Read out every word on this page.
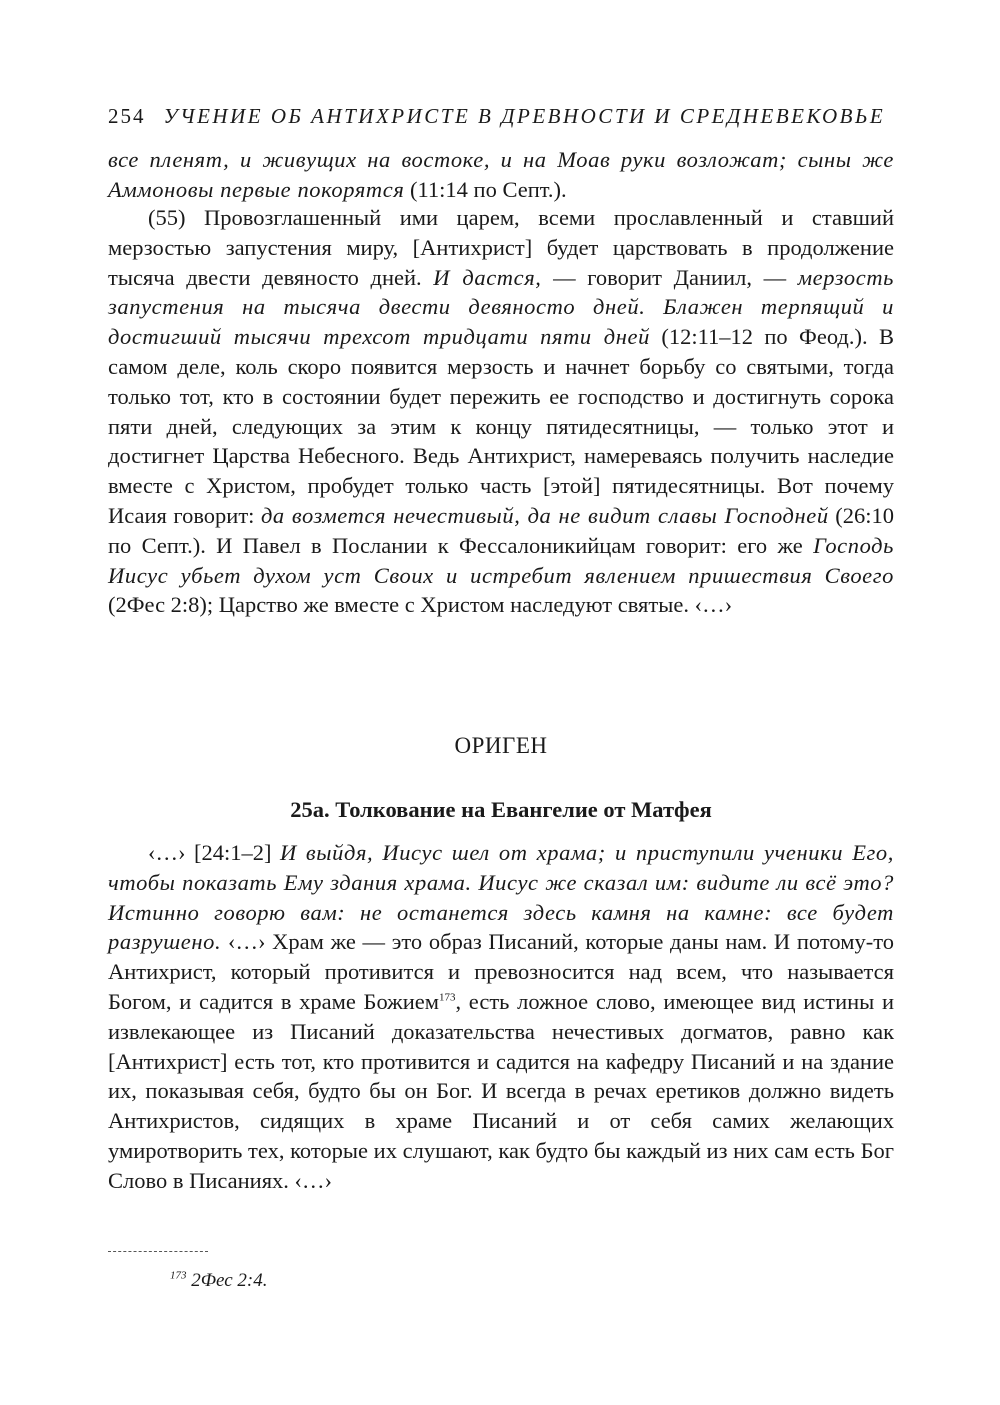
254 УЧЕНИЕ ОБ АНТИХРИСТЕ В ДРЕВНОСТИ И СРЕДНЕВЕКОВЬЕ

все пленят, и живущих на востоке, и на Моав руки возложат; сыны же Аммоновы первые покорятся (11:14 по Септ.).

(55) Провозглашенный ими царем, всеми прославленный и ставший мерзостью запустения миру, [Антихрист] будет царствовать в продолжение тысяча двести девяносто дней. И дастся, — говорит Даниил, — мерзость запустения на тысяча двести девяносто дней. Блажен терпящий и достигший тысячи трехсот тридцати пяти дней (12:11–12 по Феод.). В самом деле, коль скоро появится мерзость и начнет борьбу со святыми, тогда только тот, кто в состоянии будет пережить ее господство и достигнуть сорока пяти дней, следующих за этим к концу пятидесятницы, — только этот и достигнет Царства Небесного. Ведь Антихрист, намереваясь получить наследие вместе с Христом, пробудет только часть [этой] пятидесятницы. Вот почему Исаия говорит: да возмется нечестивый, да не видит славы Господней (26:10 по Септ.). И Павел в Послании к Фессалоникийцам говорит: его же Господь Иисус убьет духом уст Своих и истребит явлением пришествия Своего (2Фес 2:8); Царство же вместе с Христом наследуют святые. ‹…›

ОРИГЕН
25а. Толкование на Евангелие от Матфея

‹…› [24:1–2] И выйдя, Иисус шел от храма; и приступили ученики Его, чтобы показать Ему здания храма. Иисус же сказал им: видите ли всё это? Истинно говорю вам: не останется здесь камня на камне: все будет разрушено. ‹…› Храм же — это образ Писаний, которые даны нам. И потому-то Антихрист, который противится и превозносится над всем, что называется Богом, и садится в храме Божием$^{173}$, есть ложное слово, имеющее вид истины и извлекающее из Писаний доказательства нечестивых догматов, равно как [Антихрист] есть тот, кто противится и садится на кафедру Писаний и на здание их, показывая себя, будто бы он Бог. И всегда в речах еретиков должно видеть Антихристов, сидящих в храме Писаний и от себя самих желающих умиротворить тех, которые их слушают, как будто бы каждый из них сам есть Бог Слово в Писаниях. ‹…›

$^{173}$ 2Фес 2:4.
